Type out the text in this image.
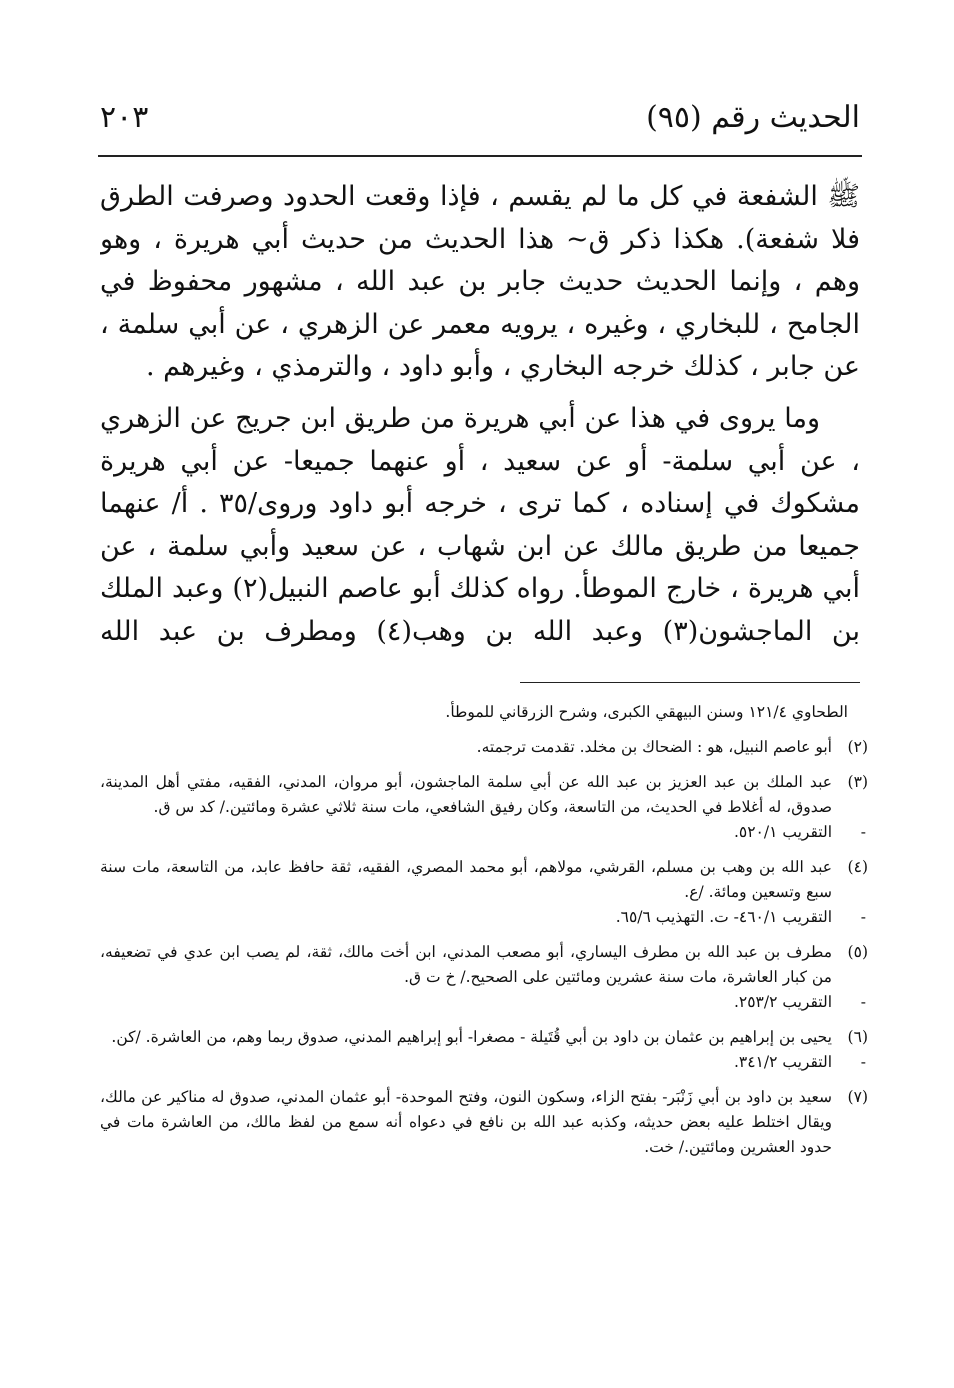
الحديث رقم (٩٥)
٢٠٣

ﷺ الشفعة في كل ما لم يقسم ، فإذا وقعت الحدود وصرفت الطرق فلا شفعة). هكذا ذكر ق~ هذا الحديث من حديث أبي هريرة ، وهو وهم ، وإنما الحديث حديث جابر بن عبد الله ، مشهور محفوظ في الجامح ، للبخاري ، وغيره ، يرويه معمر عن الزهري ، عن أبي سلمة ، عن جابر ، كذلك خرجه البخاري ، وأبو داود ، والترمذي ، وغيرهم .

وما يروى في هذا عن أبي هريرة من طريق ابن جريج عن الزهري ، عن أبي سلمة- أو عن سعيد ، أو عنهما جميعا- عن أبي هريرة مشكوك في إسناده ، كما ترى ، خرجه أبو داود وروى/٣٥ . أ/ عنهما جميعا من طريق مالك عن ابن شهاب ، عن سعيد وأبي سلمة ، عن أبي هريرة ، خارج الموطأ. رواه كذلك أبو عاصم النبيل(٢) وعبد الملك بن الماجشون(٣) وعبد الله بن وهب(٤) ومطرف بن عبد الله

الطحاوي ١٢١/٤ وسنن البيهقي الكبرى، وشرح الزرقاني للموطأ.

(٢)
أبو عاصم النبيل، هو : الضحاك بن مخلد. تقدمت ترجمته.
(٣)
عبد الملك بن عبد العزيز بن عبد الله عن أبي سلمة الماجشون، أبو مروان، المدني، الفقيه، مفتي أهل المدينة، صدوق، له أغلاط في الحديث، من التاسعة، وكان رفيق الشافعي، مات سنة ثلاثي عشرة ومائتين./ كد س ق.
-
التقريب ٥٢٠/١.
(٤)
عبد الله بن وهب بن مسلم، القرشي، مولاهم، أبو محمد المصري، الفقيه، ثقة حافظ عابد، من التاسعة، مات سنة سبع وتسعين ومائة. /ع.
-
التقريب ٤٦٠/١- ت. التهذيب ٦٥/٦.
(٥)
مطرف بن عبد الله بن مطرف اليساري، أبو مصعب المدني، ابن أخت مالك، ثقة، لم يصب ابن عدي في تضعيفه، من كبار العاشرة، مات سنة عشرين ومائتين على الصحيح./ خ ت ق.
-
التقريب ٢٥٣/٢.
(٦)
يحيى بن إبراهيم بن عثمان بن داود بن أبي قُتَيلة - مصغرا- أبو إبراهيم المدني، صدوق ربما وهم، من العاشرة. /كن.
-
التقريب ٣٤١/٢.
(٧)
سعيد بن داود بن أبي زَنْبَر- بفتح الزاء، وسكون النون، وفتح الموحدة- أبو عثمان المدني، صدوق له مناكير عن مالك، ويقال اختلط عليه بعض حديثه، وكذبه عبد الله بن نافع في دعواه أنه سمع من لفظ مالك، من العاشرة مات في حدود العشرين ومائتين./ خت.
